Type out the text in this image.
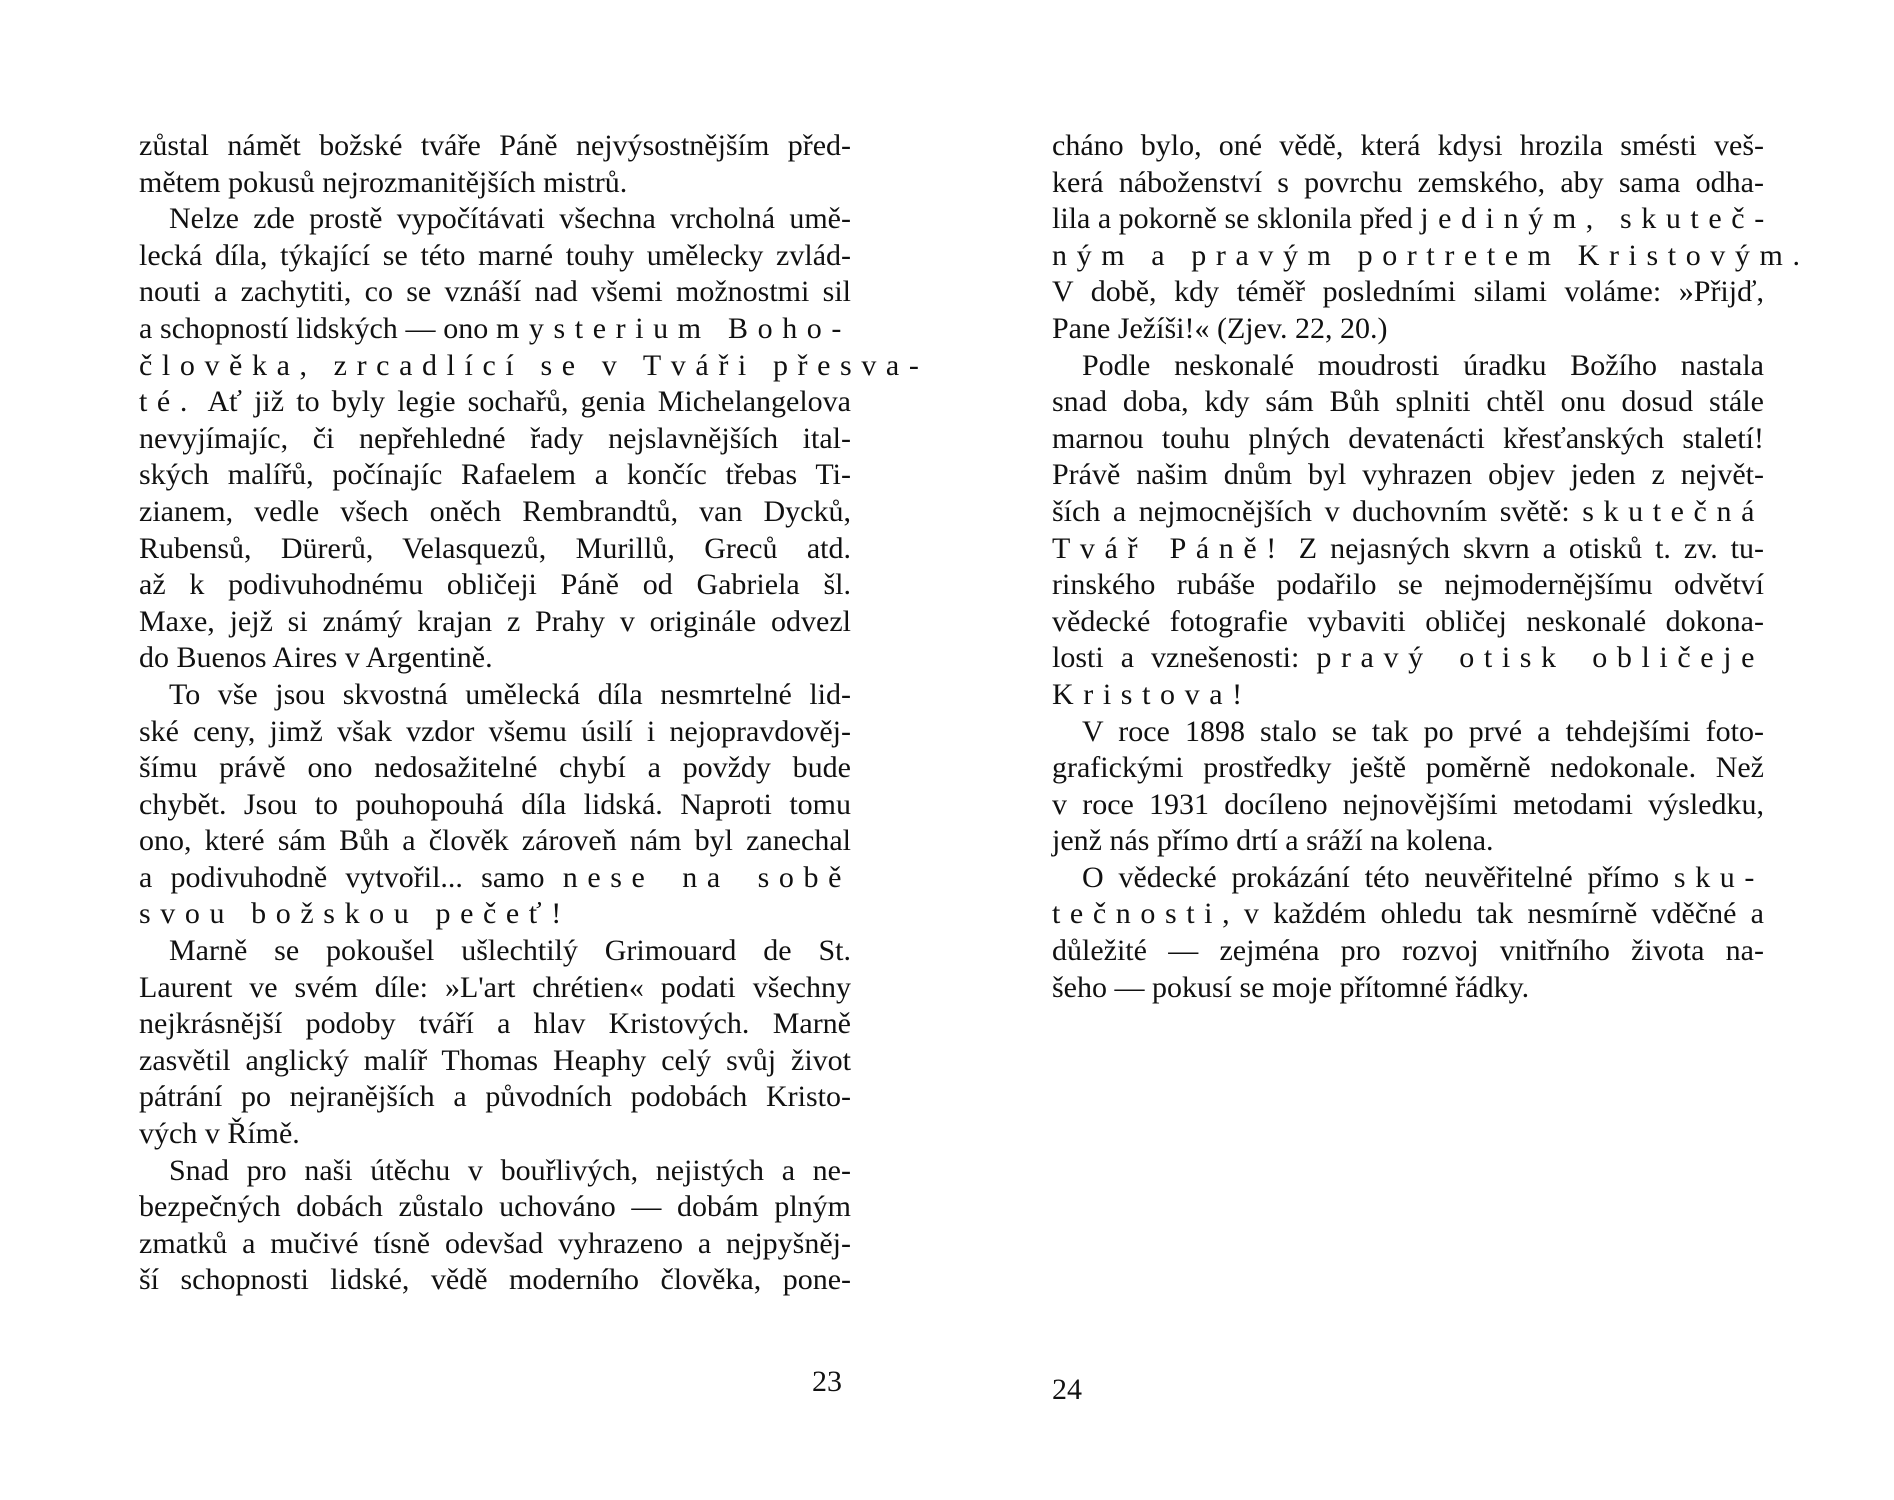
zůstal námět božské tváře Páně nejvýsostnějším před-
mětem pokusů nejrozmanitějších mistrů.
Nelze zde prostě vypočítávati všechna vrcholná umě-
lecká díla, týkající se této marné touhy umělecky zvlád-
nouti a zachytiti, co se vznáší nad všemi možnostmi sil
a schopností lidských — ono mysterium Boho-
člověka, zrcadlící se v Tváři přesva-
té. Ať již to byly legie sochařů, genia Michelangelova
nevyjímajíc, či nepřehledné řady nejslavnějších ital-
ských malířů, počínajíc Rafaelem a končíc třebas Ti-
zianem, vedle všech oněch Rembrandtů, van Dycků,
Rubensů, Dürerů, Velasquezů, Murillů, Greců atd.
až k podivuhodnému obličeji Páně od Gabriela šl.
Maxe, jejž si známý krajan z Prahy v originále odvezl
do Buenos Aires v Argentině.
To vše jsou skvostná umělecká díla nesmrtelné lid-
ské ceny, jimž však vzdor všemu úsilí i nejopravdověj-
šímu právě ono nedosažitelné chybí a povždy bude
chybět. Jsou to pouhopouhá díla lidská. Naproti tomu
ono, které sám Bůh a člověk zároveň nám byl zanechal
a podivuhodně vytvořil... samo nese na sobě
svou božskou pečeť!
Marně se pokoušel ušlechtilý Grimouard de St.
Laurent ve svém díle: »L'art chrétien« podati všechny
nejkrásnější podoby tváří a hlav Kristových. Marně
zasvětil anglický malíř Thomas Heaphy celý svůj život
pátrání po nejranějších a původních podobách Kristo-
vých v Římě.
Snad pro naši útěchu v bouřlivých, nejistých a ne-
bezpečných dobách zůstalo uchováno — dobám plným
zmatků a mučivé tísně odevšad vyhrazeno a nejpyšněj-
ší schopnosti lidské, vědě moderního člověka, pone-
cháno bylo, oné vědě, která kdysi hrozila smésti veš-
kerá náboženství s povrchu zemského, aby sama odha-
lila a pokorně se sklonila před jediným, skuteč-
ným a pravým portretem Kristovým.
V době, kdy téměř posledními silami voláme: »Přijď,
Pane Ježíši!« (Zjev. 22, 20.)
Podle neskonalé moudrosti úradku Božího nastala
snad doba, kdy sám Bůh splniti chtěl onu dosud stále
marnou touhu plných devatenácti křesťanských staletí!
Právě našim dnům byl vyhrazen objev jeden z největ-
ších a nejmocnějších v duchovním světě: skutečná
Tvář Páně! Z nejasných skvrn a otisků t. zv. tu-
rinského rubáše podařilo se nejmodernějšímu odvětví
vědecké fotografie vybaviti obličej neskonalé dokona-
losti a vznešenosti: pravý otisk obličeje
Kristova!
V roce 1898 stalo se tak po prvé a tehdejšími foto-
grafickými prostředky ještě poměrně nedokonale. Než
v roce 1931 docíleno nejnovějšími metodami výsledku,
jenž nás přímo drtí a sráží na kolena.
O vědecké prokázání této neuvěřitelné přímo sku-
tečnosti, v každém ohledu tak nesmírně vděčné a
důležité — zejména pro rozvoj vnitřního života na-
šeho — pokusí se moje přítomné řádky.
23	24
